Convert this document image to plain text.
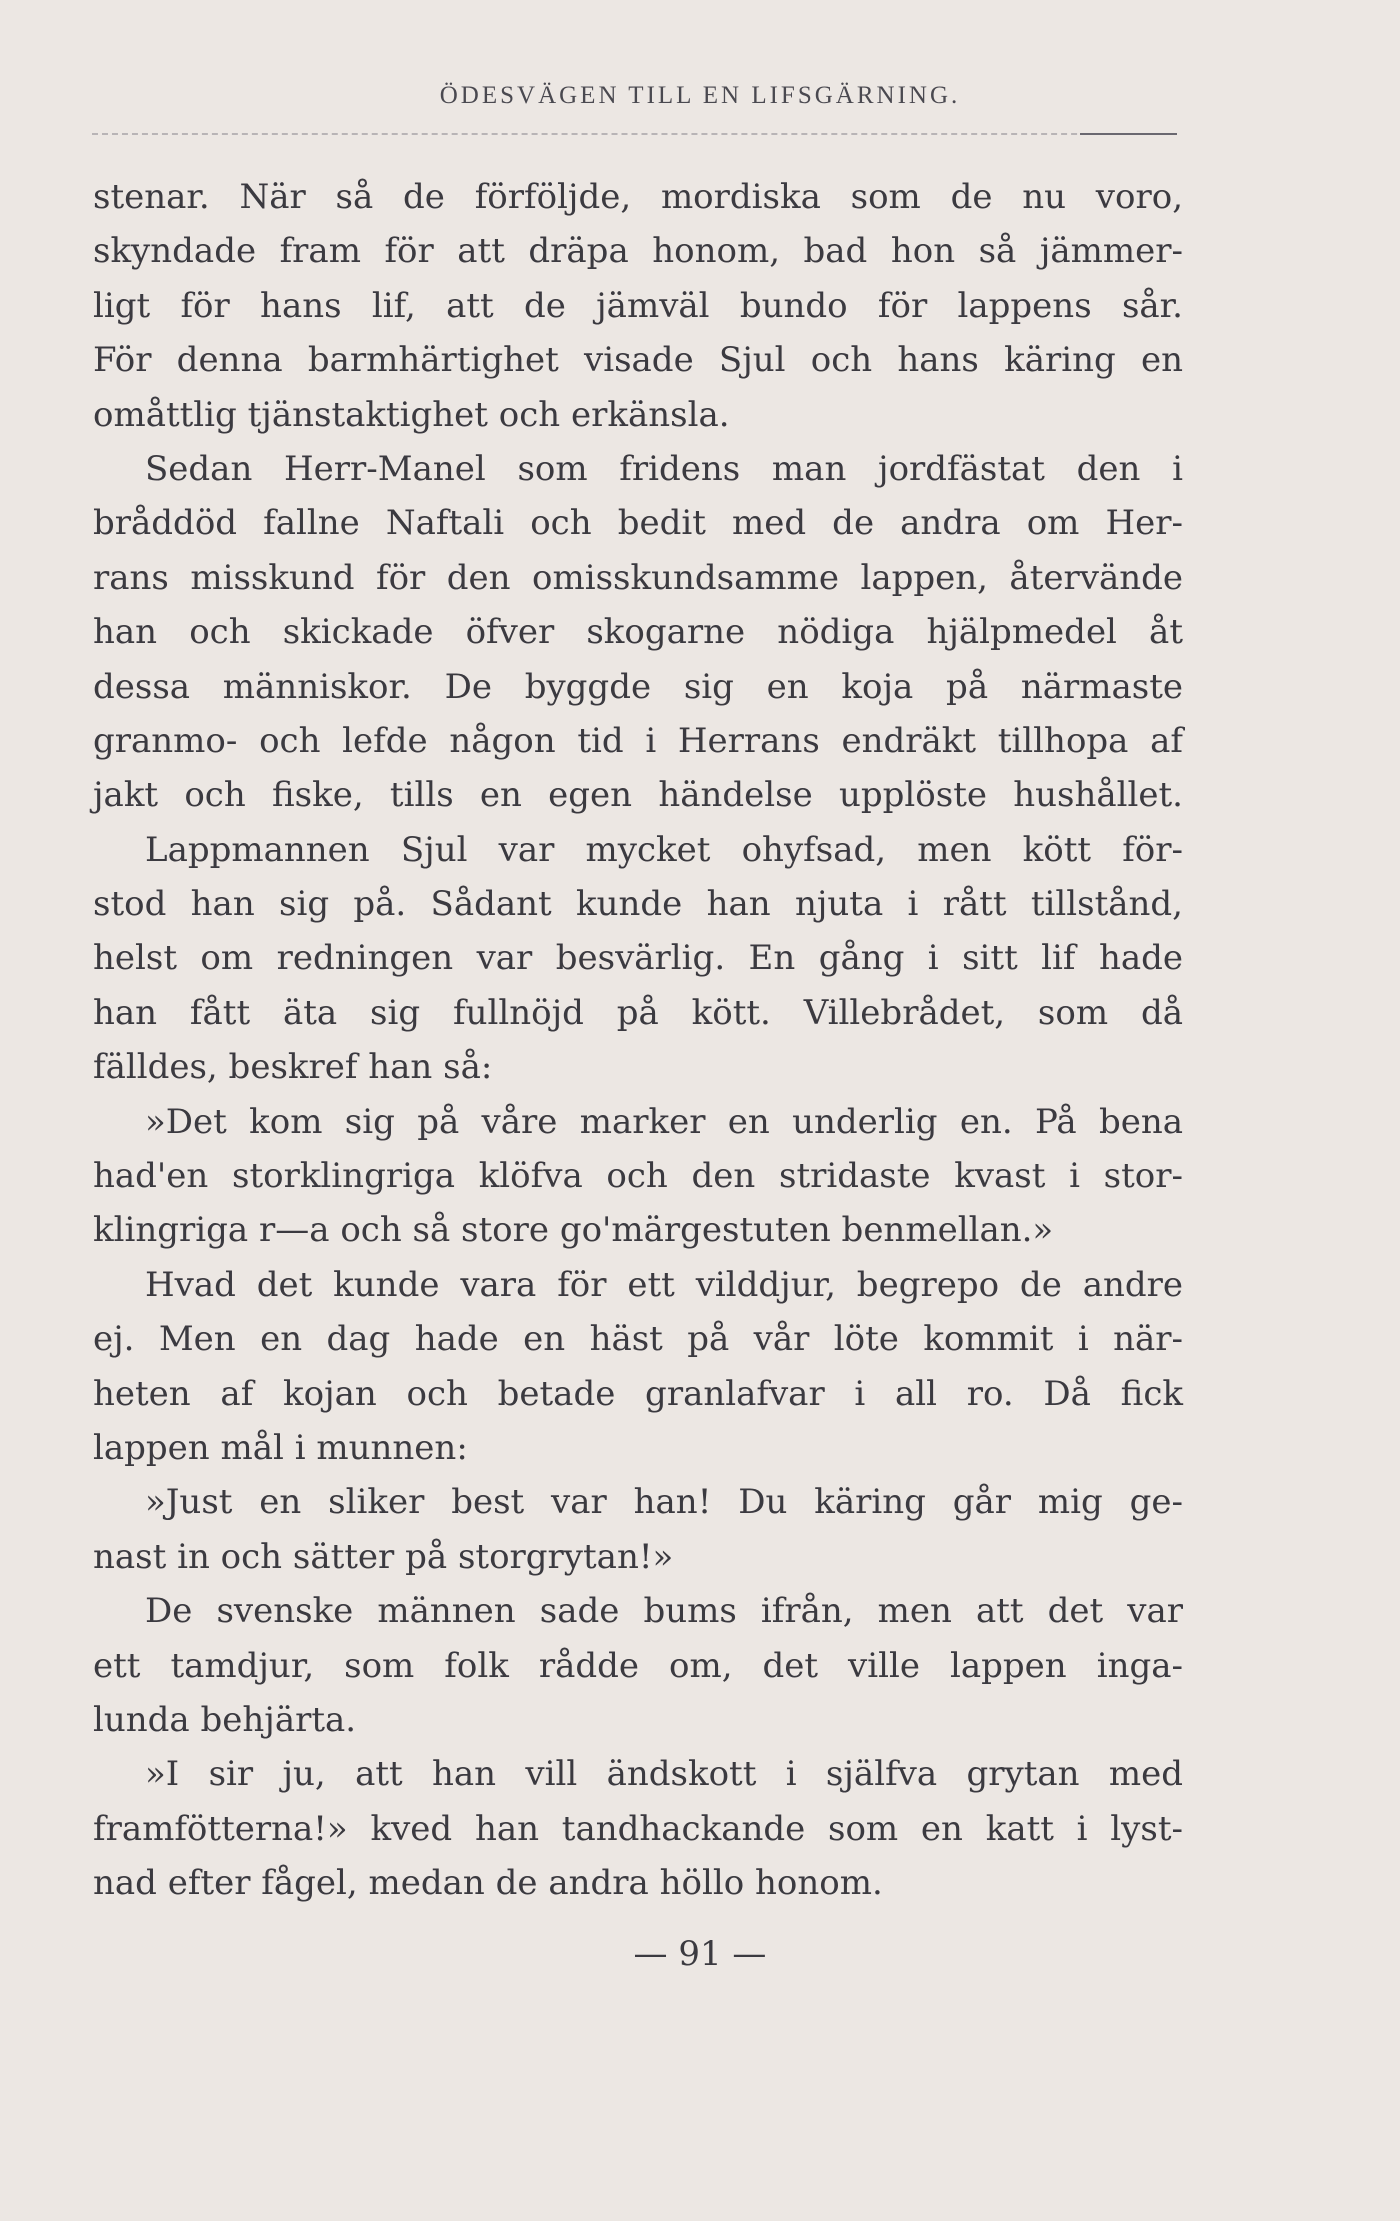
ÖDESVÄGEN TILL EN LIFSGÄRNING.
stenar. När så de förföljde, mordiska som de nu voro,
skyndade fram för att dräpa honom, bad hon så jämmer-
ligt för hans lif, att de jämväl bundo för lappens sår.
För denna barmhärtighet visade Sjul och hans käring en
omåttlig tjänstaktighet och erkänsla.
Sedan Herr-Manel som fridens man jordfästat den i
bråddöd fallne Naftali och bedit med de andra om Her-
rans misskund för den omisskundsamme lappen, återvände
han och skickade öfver skogarne nödiga hjälpmedel åt
dessa människor. De byggde sig en koja på närmaste
granmo- och lefde någon tid i Herrans endräkt tillhopa af
jakt och fiske, tills en egen händelse upplöste hushållet.
Lappmannen Sjul var mycket ohyfsad, men kött för-
stod han sig på. Sådant kunde han njuta i rått tillstånd,
helst om redningen var besvärlig. En gång i sitt lif hade
han fått äta sig fullnöjd på kött. Villebrådet, som då
fälldes, beskref han så:
»Det kom sig på våre marker en underlig en. På bena
had'en storklingriga klöfva och den stridaste kvast i stor-
klingriga r—a och så store go'märgestuten benmellan.»
Hvad det kunde vara för ett vilddjur, begrepo de andre
ej. Men en dag hade en häst på vår löte kommit i när-
heten af kojan och betade granlafvar i all ro. Då fick
lappen mål i munnen:
»Just en sliker best var han! Du käring går mig ge-
nast in och sätter på storgrytan!»
De svenske männen sade bums ifrån, men att det var
ett tamdjur, som folk rådde om, det ville lappen inga-
lunda behjärta.
»I sir ju, att han vill ändskott i själfva grytan med
framfötterna!» kved han tandhackande som en katt i lyst-
nad efter fågel, medan de andra höllo honom.
— 91 —
